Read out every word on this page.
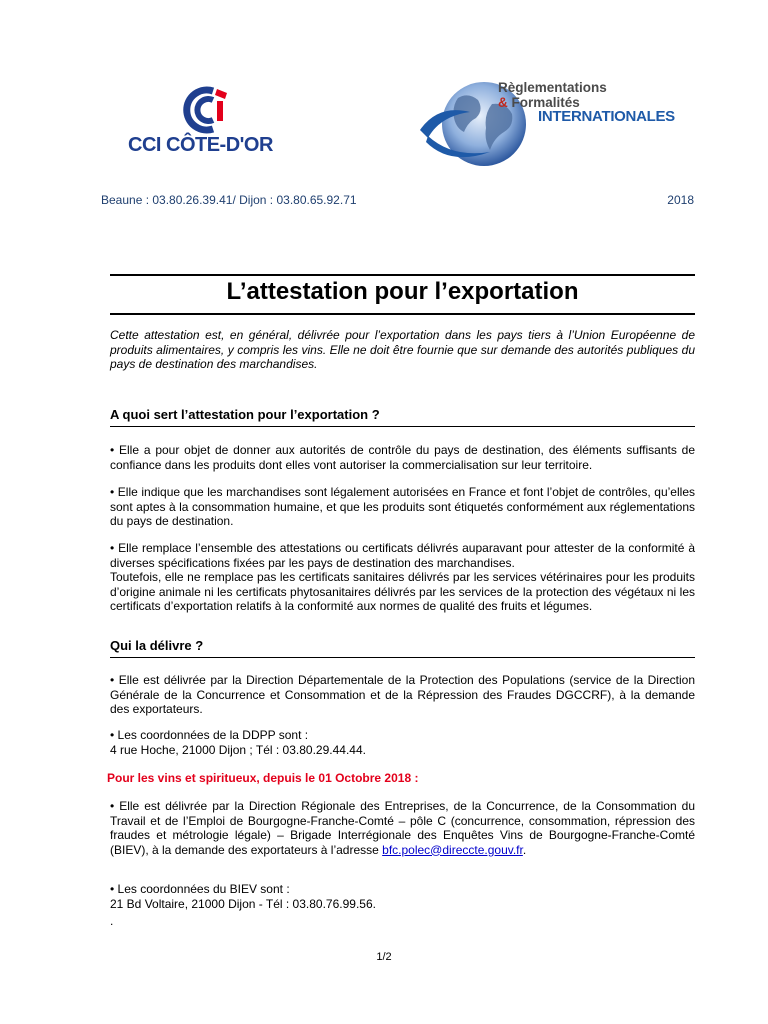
CCI CÔTE-D'OR
Règlementations
& Formalités
INTERNATIONALES
Beaune : 03.80.26.39.41/ Dijon : 03.80.65.92.71	2018
L’attestation pour l’exportation
Cette attestation est, en général, délivrée pour l’exportation dans les pays tiers à l’Union Européenne de produits alimentaires, y compris les vins. Elle ne doit être fournie que sur demande des autorités publiques du pays de destination des marchandises.
A quoi sert l’attestation pour l’exportation ?
• Elle a pour objet de donner aux autorités de contrôle du pays de destination, des éléments suffisants de confiance dans les produits dont elles vont autoriser la commercialisation sur leur territoire.
• Elle indique que les marchandises sont légalement autorisées en France et font l’objet de contrôles, qu’elles sont aptes à la consommation humaine, et que les produits sont étiquetés conformément aux réglementations du pays de destination.
• Elle remplace l’ensemble des attestations ou certificats délivrés auparavant pour attester de la conformité à diverses spécifications fixées par les pays de destination des marchandises.
Toutefois, elle ne remplace pas les certificats sanitaires délivrés par les services vétérinaires pour les produits d’origine animale ni les certificats phytosanitaires délivrés par les services de la protection des végétaux ni les certificats d’exportation relatifs à la conformité aux normes de qualité des fruits et légumes.
Qui la délivre ?
• Elle est délivrée par la Direction Départementale de la Protection des Populations (service de la Direction Générale de la Concurrence et Consommation et de la Répression des Fraudes DGCCRF), à la demande des exportateurs.
• Les coordonnées de la DDPP sont :
4 rue Hoche, 21000 Dijon ; Tél : 03.80.29.44.44.
Pour les vins et spiritueux, depuis le 01 Octobre 2018 :
• Elle est délivrée par la Direction Régionale des Entreprises, de la Concurrence, de la Consommation du Travail et de l’Emploi de Bourgogne-Franche-Comté – pôle C (concurrence, consommation, répression des fraudes et métrologie légale) – Brigade Interrégionale des Enquêtes Vins de Bourgogne-Franche-Comté (BIEV), à la demande des exportateurs à l’adresse bfc.polec@direccte.gouv.fr.
• Les coordonnées du BIEV sont :
21 Bd Voltaire, 21000 Dijon - Tél : 03.80.76.99.56.
.
1/2
